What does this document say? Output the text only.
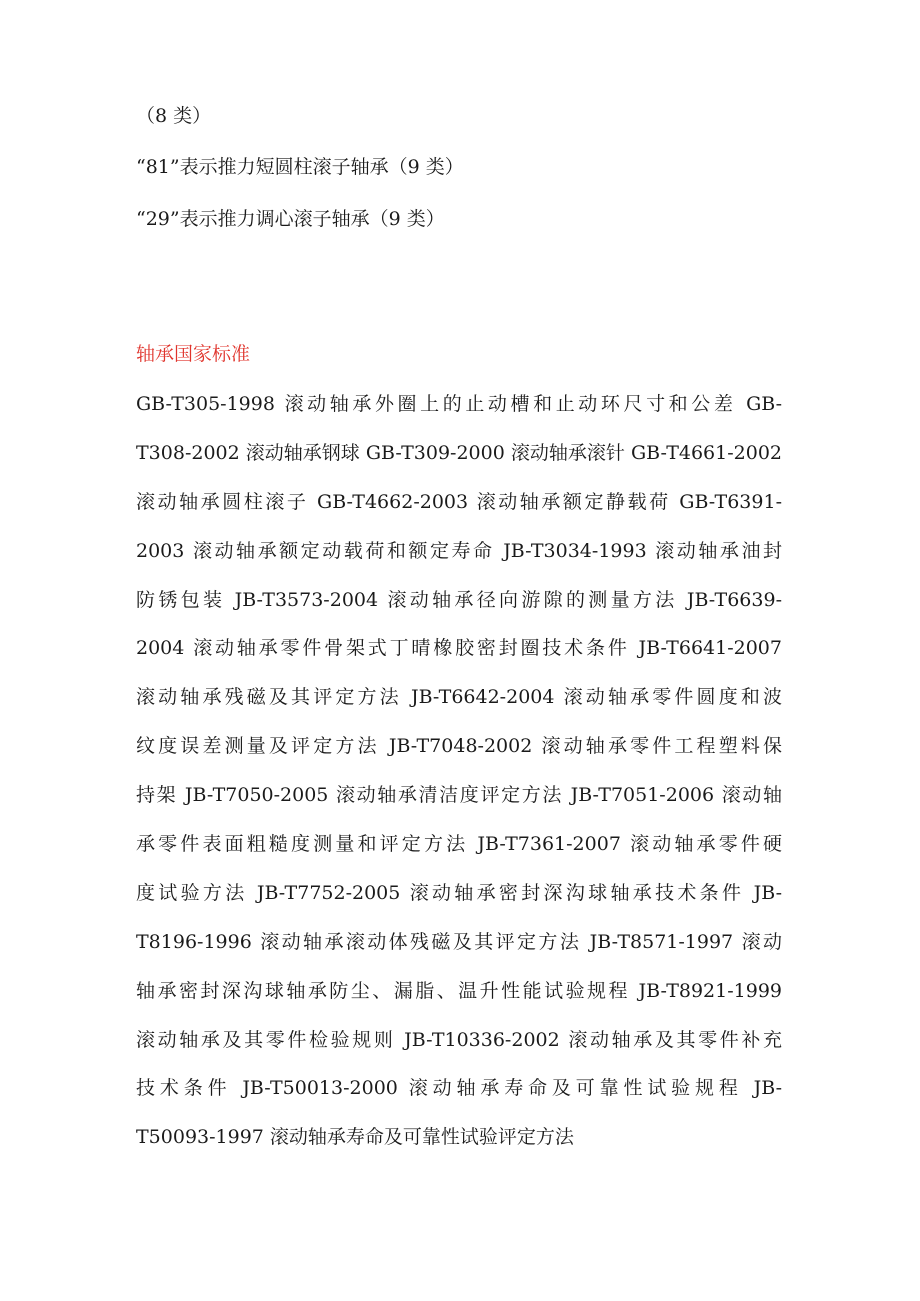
（8 类）
“81”表示推力短圆柱滚子轴承（9 类）
“29”表示推力调心滚子轴承（9 类）
轴承国家标准
GB-T305-1998 滚动轴承外圈上的止动槽和止动环尺寸和公差 GB-
T308-2002 滚动轴承钢球 GB-T309-2000 滚动轴承滚针 GB-T4661-2002
滚动轴承圆柱滚子 GB-T4662-2003 滚动轴承额定静载荷 GB-T6391-
2003 滚动轴承额定动载荷和额定寿命 JB-T3034-1993 滚动轴承油封
防锈包装 JB-T3573-2004 滚动轴承径向游隙的测量方法 JB-T6639-
2004 滚动轴承零件骨架式丁晴橡胶密封圈技术条件 JB-T6641-2007
滚动轴承残磁及其评定方法 JB-T6642-2004 滚动轴承零件圆度和波
纹度误差测量及评定方法 JB-T7048-2002 滚动轴承零件工程塑料保
持架 JB-T7050-2005 滚动轴承清洁度评定方法 JB-T7051-2006 滚动轴
承零件表面粗糙度测量和评定方法 JB-T7361-2007 滚动轴承零件硬
度试验方法 JB-T7752-2005 滚动轴承密封深沟球轴承技术条件 JB-
T8196-1996 滚动轴承滚动体残磁及其评定方法 JB-T8571-1997 滚动
轴承密封深沟球轴承防尘、漏脂、温升性能试验规程 JB-T8921-1999
滚动轴承及其零件检验规则 JB-T10336-2002 滚动轴承及其零件补充
技术条件 JB-T50013-2000 滚动轴承寿命及可靠性试验规程 JB-
T50093-1997 滚动轴承寿命及可靠性试验评定方法
